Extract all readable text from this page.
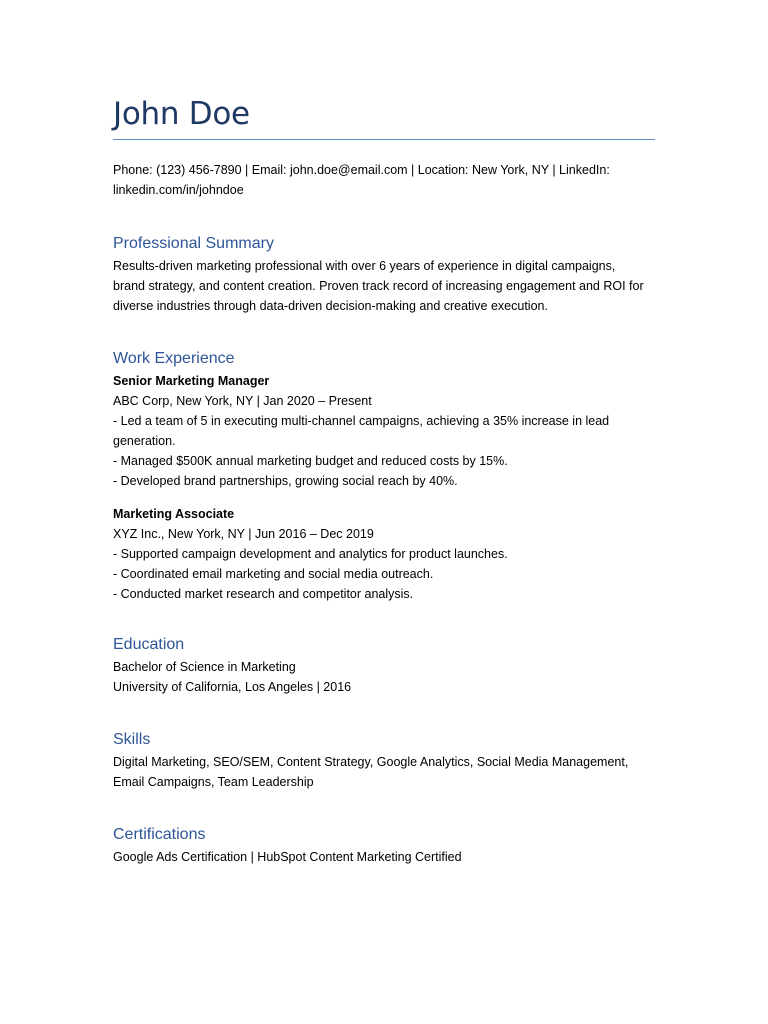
John Doe

Phone: (123) 456-7890 | Email: john.doe@email.com | Location: New York, NY | LinkedIn:

linkedin.com/in/johndoe

Professional Summary

Results-driven marketing professional with over 6 years of experience in digital campaigns,

brand strategy, and content creation. Proven track record of increasing engagement and ROI for

diverse industries through data-driven decision-making and creative execution.

Work Experience

Senior Marketing Manager

ABC Corp, New York, NY | Jan 2020 – Present

- Led a team of 5 in executing multi-channel campaigns, achieving a 35% increase in lead
generation.
- Managed $500K annual marketing budget and reduced costs by 15%.
- Developed brand partnerships, growing social reach by 40%.

Marketing Associate

XYZ Inc., New York, NY | Jun 2016 – Dec 2019

- Supported campaign development and analytics for product launches.
- Coordinated email marketing and social media outreach.
- Conducted market research and competitor analysis.
Education

Bachelor of Science in Marketing

University of California, Los Angeles | 2016

Skills

Digital Marketing, SEO/SEM, Content Strategy, Google Analytics, Social Media Management,

Email Campaigns, Team Leadership

Certifications

Google Ads Certification | HubSpot Content Marketing Certified
